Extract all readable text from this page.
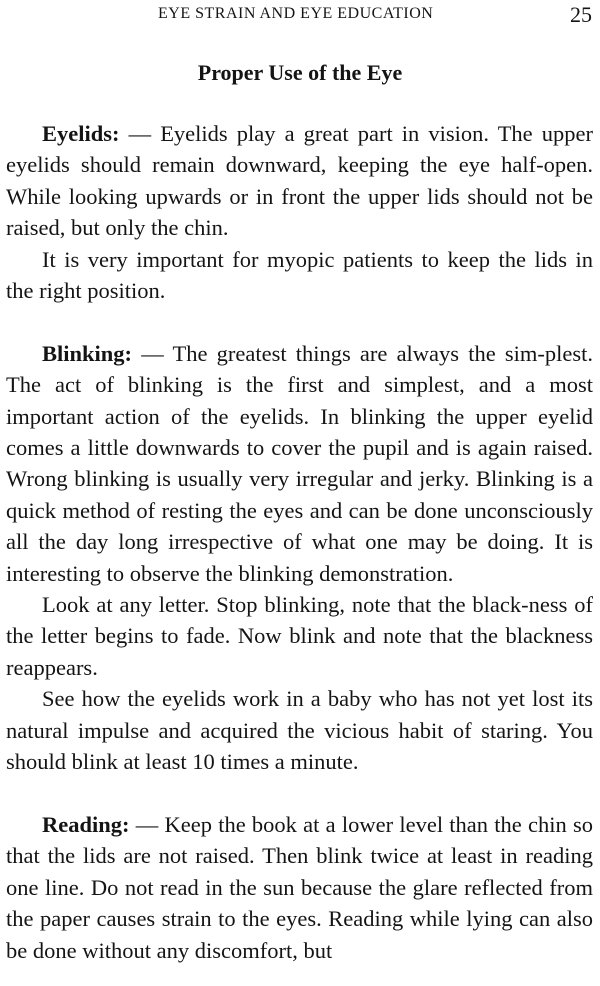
EYE STRAIN AND EYE EDUCATION	25
Proper Use of the Eye

Eyelids: — Eyelids play a great part in vision. The upper eyelids should remain downward, keeping the eye half-open. While looking upwards or in front the upper lids should not be raised, but only the chin.

It is very important for myopic patients to keep the lids in the right position.

Blinking: — The greatest things are always the sim-plest. The act of blinking is the first and simplest, and a most important action of the eyelids. In blinking the upper eyelid comes a little downwards to cover the pupil and is again raised. Wrong blinking is usually very irregular and jerky. Blinking is a quick method of resting the eyes and can be done unconsciously all the day long irrespective of what one may be doing. It is interesting to observe the blinking demonstration.

Look at any letter. Stop blinking, note that the black-ness of the letter begins to fade. Now blink and note that the blackness reappears.

See how the eyelids work in a baby who has not yet lost its natural impulse and acquired the vicious habit of staring. You should blink at least 10 times a minute.

Reading: — Keep the book at a lower level than the chin so that the lids are not raised. Then blink twice at least in reading one line. Do not read in the sun because the glare reflected from the paper causes strain to the eyes. Reading while lying can also be done without any discomfort, but
